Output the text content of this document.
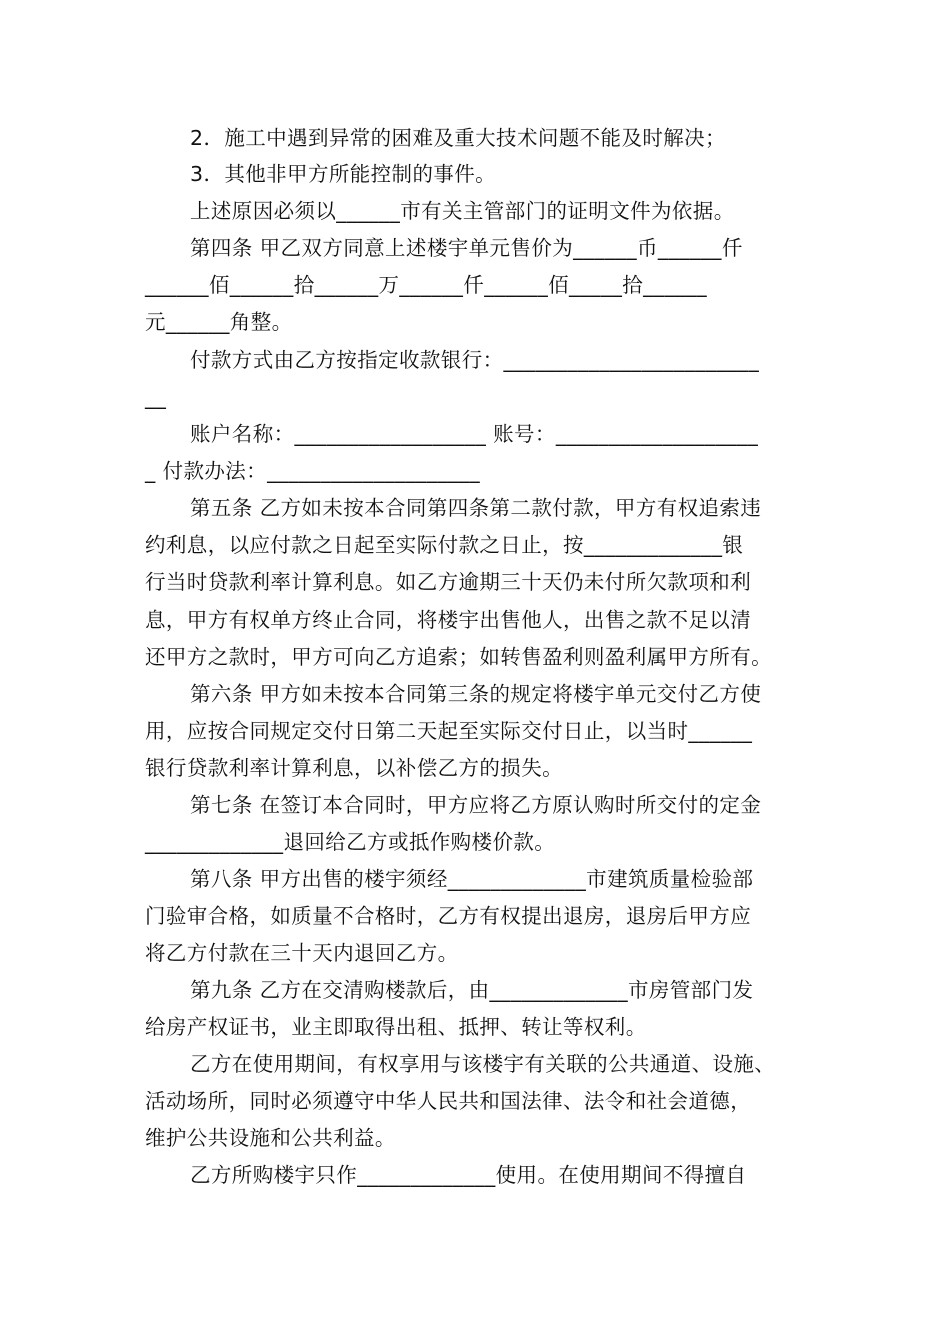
2．施工中遇到异常的困难及重大技术问题不能及时解决；
3．其他非甲方所能控制的事件。
上述原因必须以______市有关主管部门的证明文件为依据。
第四条 甲乙双方同意上述楼宇单元售价为______币______仟
______佰______拾______万______仟______佰_____拾______
元______角整。
付款方式由乙方按指定收款银行：________________________
__
账户名称：__________________ 账号：___________________
_ 付款办法：____________________
第五条 乙方如未按本合同第四条第二款付款，甲方有权追索违
约利息，以应付款之日起至实际付款之日止，按_____________银
行当时贷款利率计算利息。如乙方逾期三十天仍未付所欠款项和利
息，甲方有权单方终止合同，将楼宇出售他人，出售之款不足以清
还甲方之款时，甲方可向乙方追索；如转售盈利则盈利属甲方所有。
第六条 甲方如未按本合同第三条的规定将楼宇单元交付乙方使
用，应按合同规定交付日第二天起至实际交付日止，以当时______
银行贷款利率计算利息，以补偿乙方的损失。
第七条 在签订本合同时，甲方应将乙方原认购时所交付的定金
_____________退回给乙方或抵作购楼价款。
第八条 甲方出售的楼宇须经_____________市建筑质量检验部
门验审合格，如质量不合格时，乙方有权提出退房，退房后甲方应
将乙方付款在三十天内退回乙方。
第九条 乙方在交清购楼款后，由_____________市房管部门发
给房产权证书，业主即取得出租、抵押、转让等权利。
乙方在使用期间，有权享用与该楼宇有关联的公共通道、设施、
活动场所，同时必须遵守中华人民共和国法律、法令和社会道德，
维护公共设施和公共利益。
乙方所购楼宇只作_____________使用。在使用期间不得擅自
